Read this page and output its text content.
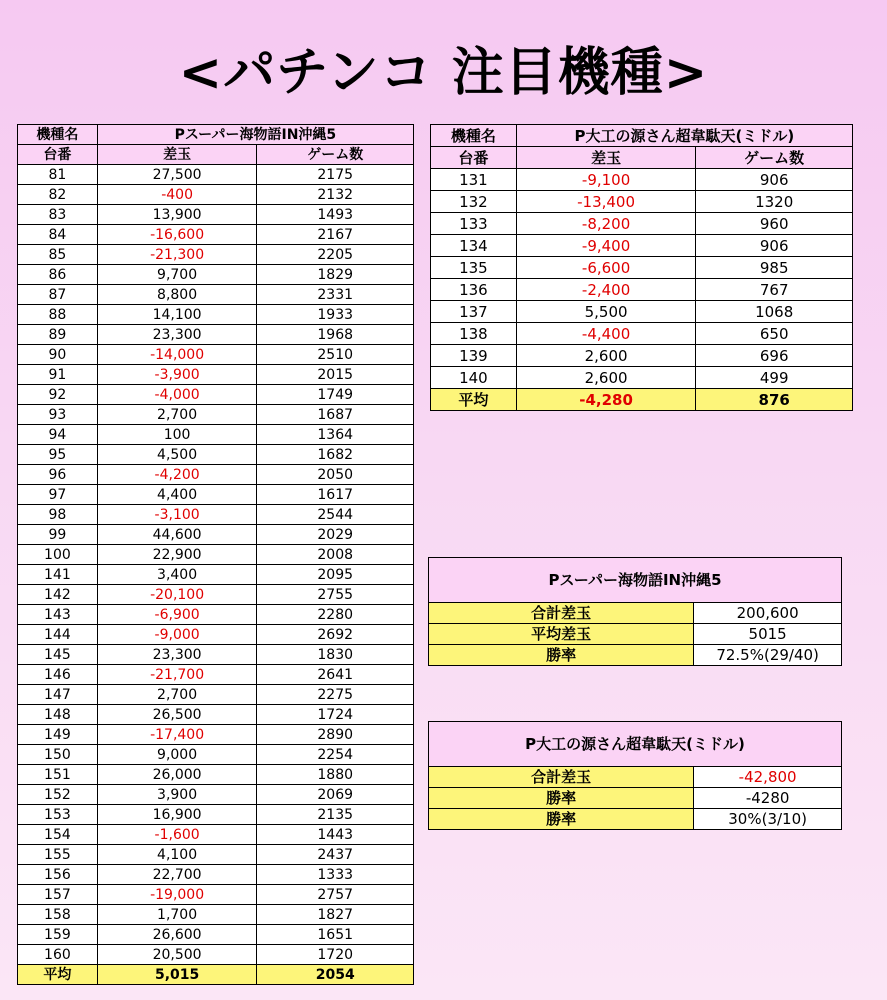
<パチンコ 注目機種>
機種名	Pスーパー海物語IN沖縄5	
台番	差玉	ゲーム数
81	27,500	2175
82	-400	2132
83	13,900	1493
84	-16,600	2167
85	-21,300	2205
86	9,700	1829
87	8,800	2331
88	14,100	1933
89	23,300	1968
90	-14,000	2510
91	-3,900	2015
92	-4,000	1749
93	2,700	1687
94	100	1364
95	4,500	1682
96	-4,200	2050
97	4,400	1617
98	-3,100	2544
99	44,600	2029
100	22,900	2008
141	3,400	2095
142	-20,100	2755
143	-6,900	2280
144	-9,000	2692
145	23,300	1830
146	-21,700	2641
147	2,700	2275
148	26,500	1724
149	-17,400	2890
150	9,000	2254
151	26,000	1880
152	3,900	2069
153	16,900	2135
154	-1,600	1443
155	4,100	2437
156	22,700	1333
157	-19,000	2757
158	1,700	1827
159	26,600	1651
160	20,500	1720
平均	5,015	2054
機種名	P大工の源さん超韋駄天(ミドル)	
台番	差玉	ゲーム数
131	-9,100	906
132	-13,400	1320
133	-8,200	960
134	-9,400	906
135	-6,600	985
136	-2,400	767
137	5,500	1068
138	-4,400	650
139	2,600	696
140	2,600	499
平均	-4,280	876
Pスーパー海物語IN沖縄5	
合計差玉	200,600
平均差玉	5015
勝率	72.5%(29/40)
P大工の源さん超韋駄天(ミドル)	
合計差玉	-42,800
勝率	-4280
勝率	30%(3/10)
